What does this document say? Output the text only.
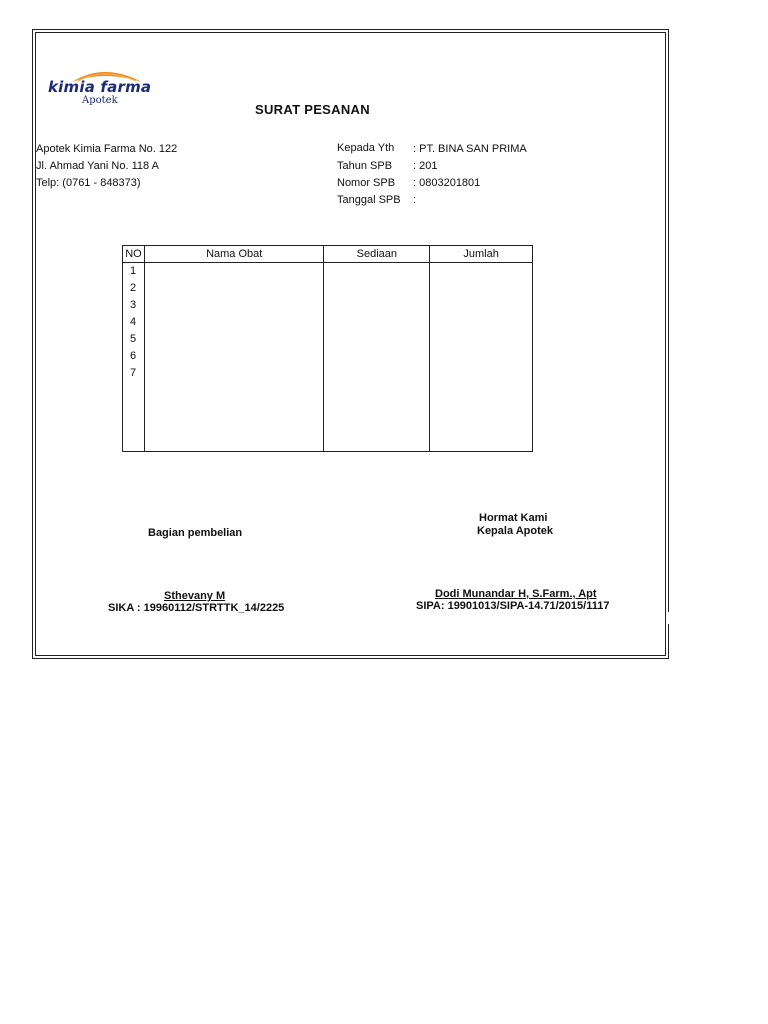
kimia farma
Apotek
SURAT PESANAN
Apotek Kimia Farma No. 122
Jl. Ahmad Yani No. 118 A
Telp: (0761 - 848373)
Kepada Yth : PT. BINA SAN PRIMA
Tahun SPB : 201
Nomor SPB : 0803201801
Tanggal SPB :
NO	Nama Obat	Sediaan	Jumlah
1			
2			
3			
4			
5			
6			
7			

Hormat Kami
Kepala Apotek
Bagian pembelian
Sthevany M
SIKA : 19960112/STRTTK_14/2225
Dodi Munandar H, S.Farm., Apt
SIPA: 19901013/SIPA-14.71/2015/1117
